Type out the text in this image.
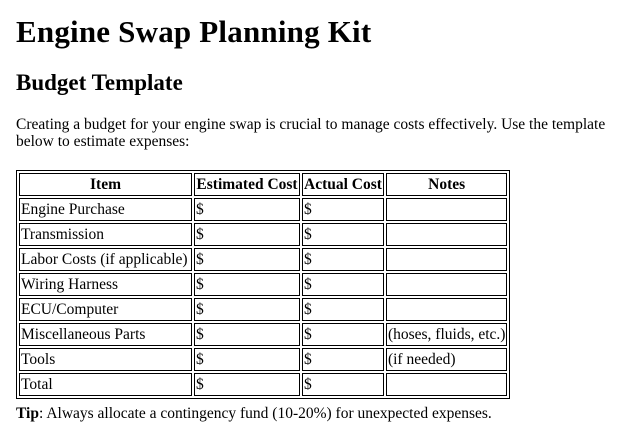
Engine Swap Planning Kit
Budget Template

Creating a budget for your engine swap is crucial to manage costs effectively. Use the template below to estimate expenses:

Item	Estimated Cost	Actual Cost	Notes
Engine Purchase	$	$	
Transmission	$	$	
Labor Costs (if applicable)	$	$	
Wiring Harness	$	$	
ECU/Computer	$	$	
Miscellaneous Parts	$	$	(hoses, fluids, etc.)
Tools	$	$	(if needed)
Total	$	$	

Tip: Always allocate a contingency fund (10-20%) for unexpected expenses.
